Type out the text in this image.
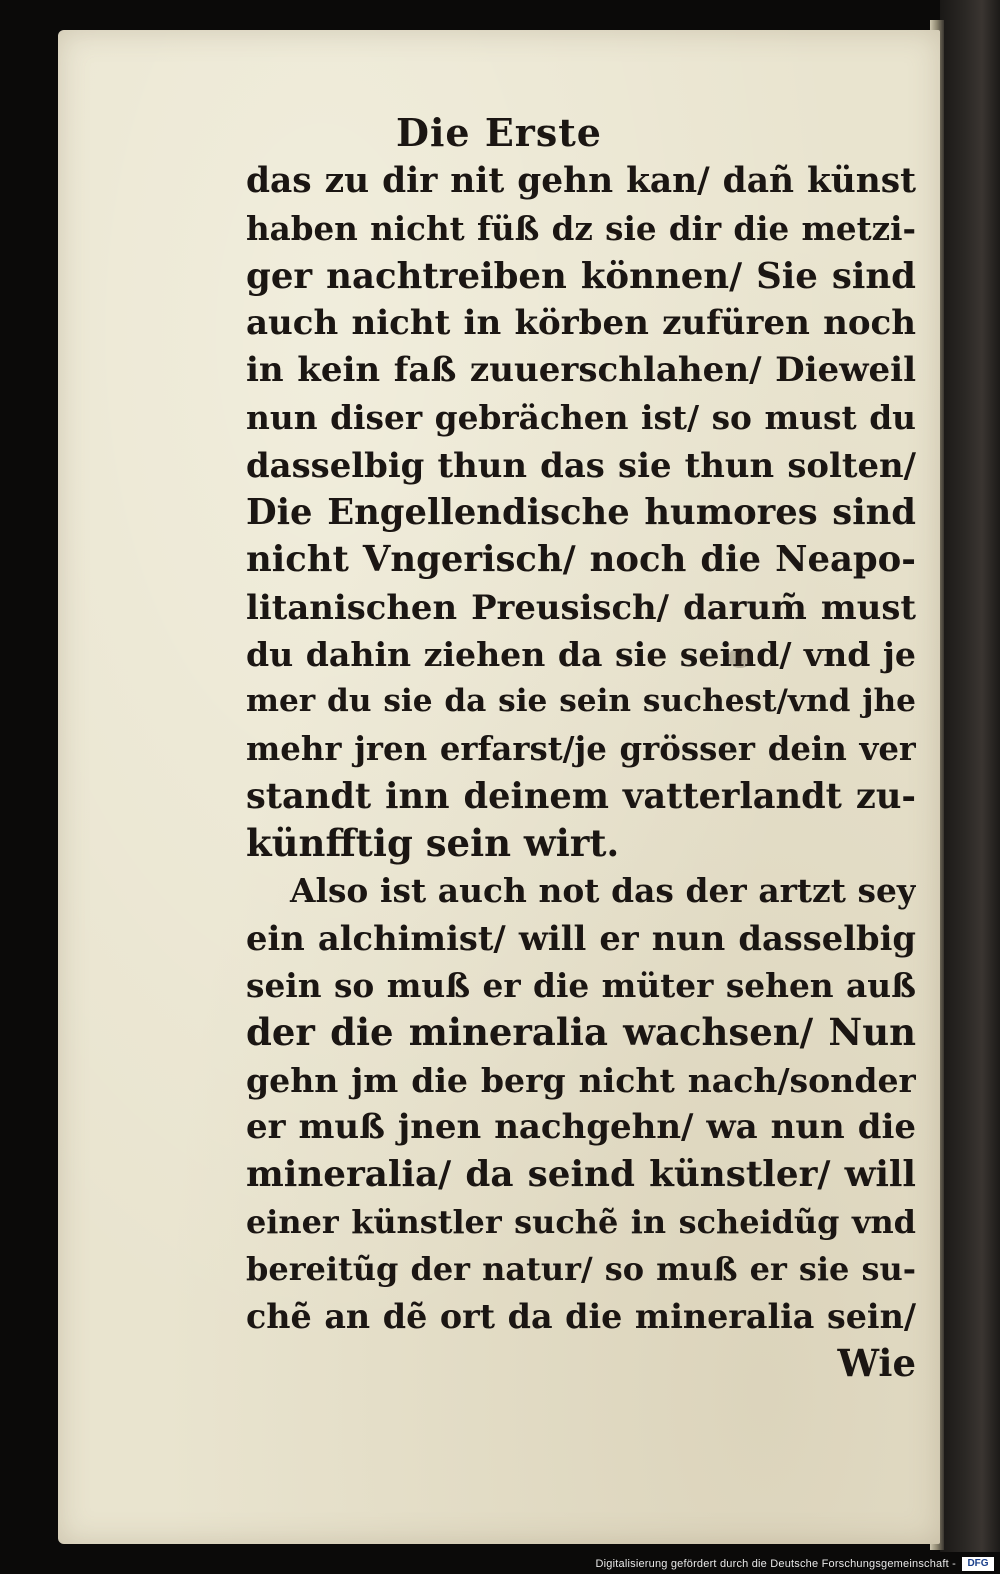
Die Erste
das zu dir nit gehn kan/ dañ künst
haben nicht füß dz sie dir die metzi-
ger nachtreiben können/ Sie sind
auch nicht in körben zufüren noch
in kein faß zuuerschlahen/ Dieweil
nun diser gebrächen ist/ so must du
dasselbig thun das sie thun solten/
Die Engellendische humores sind
nicht Vngerisch/ noch die Neapo-
litanischen Preusisch/ darum̃ must
du dahin ziehen da sie seind/ vnd je
mer du sie da sie sein suchest/vnd jhe
mehr jren erfarst/je grösser dein ver
standt inn deinem vatterlandt zu-
künfftig sein wirt.
Also ist auch not das der artzt sey
ein alchimist/ will er nun dasselbig
sein so muß er die müter sehen auß
der die mineralia wachsen/ Nun
gehn jm die berg nicht nach/sonder
er muß jnen nachgehn/ wa nun die
mineralia/ da seind künstler/ will
einer künstler suchẽ in scheidũg vnd
bereitũg der natur/ so muß er sie su-
chẽ an dẽ ort da die mineralia sein/
Wie
Digitalisierung gefördert durch die Deutsche Forschungsgemeinschaft -	DFG
